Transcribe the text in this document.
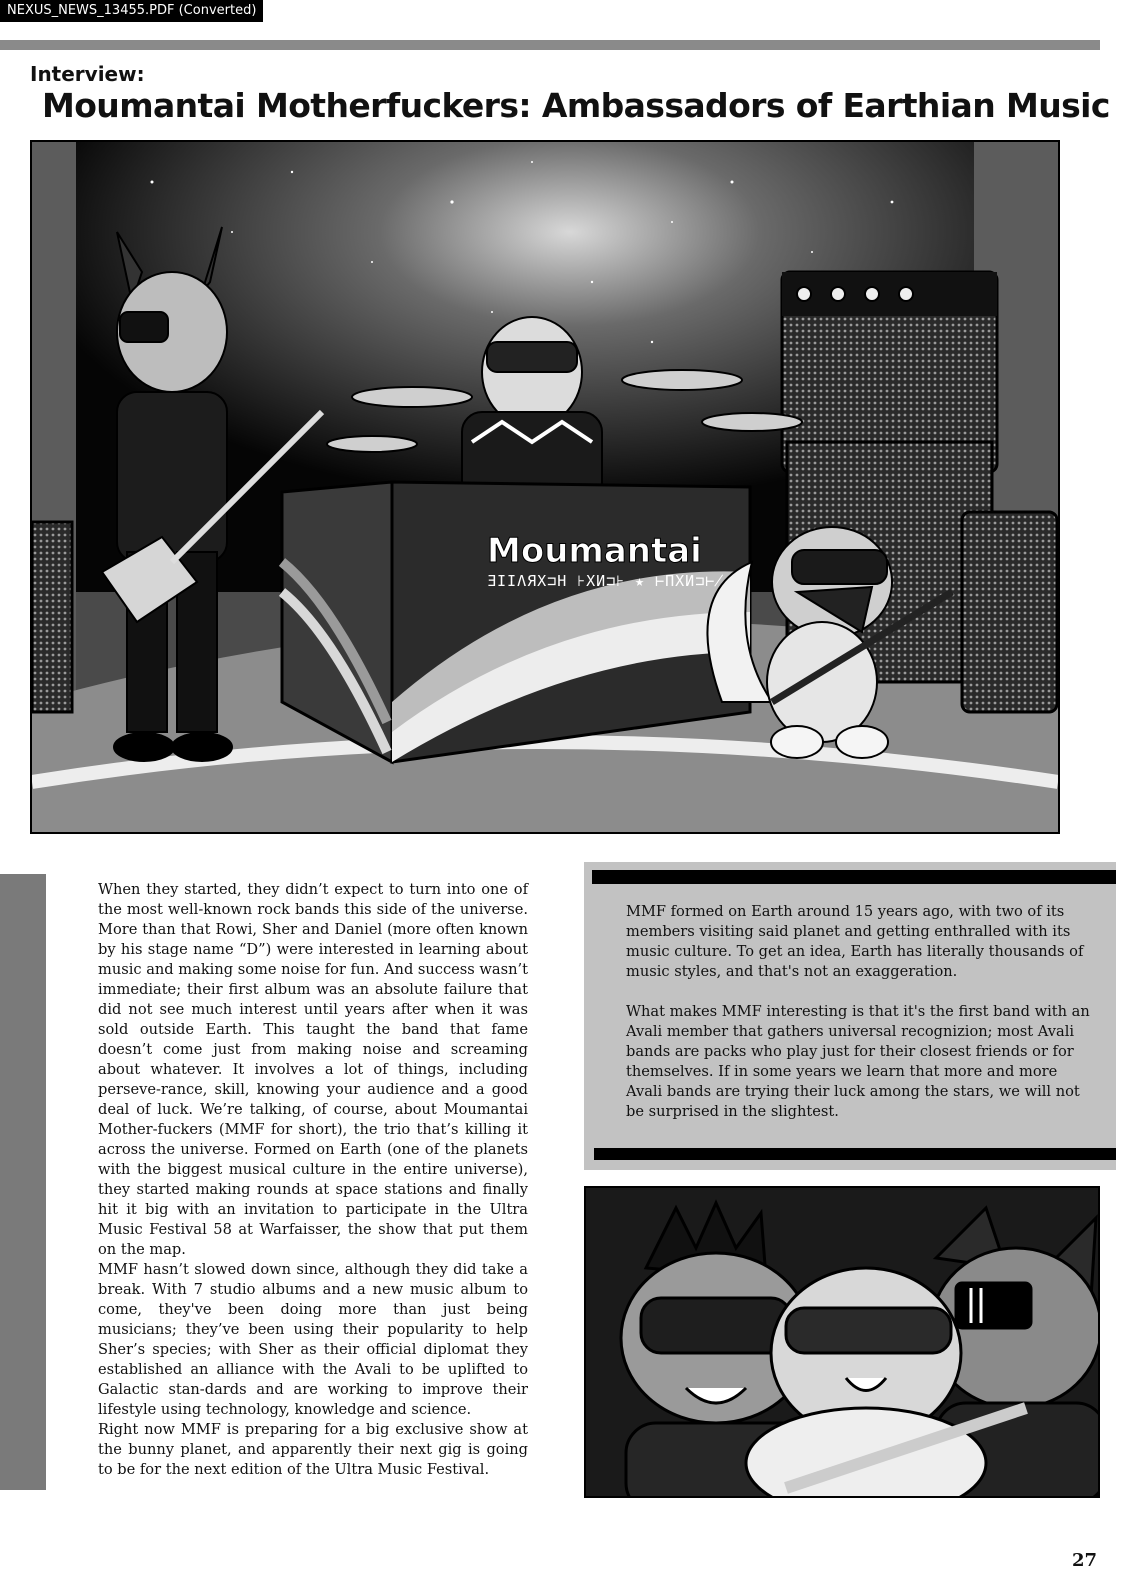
NEXUS_NEWS_13455.PDF (Converted)
Interview:
Moumantai Motherfuckers: Ambassadors of Earthian Music
Moumantai
ƎIIΛЯX⊐H ⊦XИ⊐⊦ ★ ⊢ΠXИ⊐⊬

When they started, they didn’t expect to turn into one of the most well-known rock bands this side of the universe. More than that Rowi, Sher and Daniel (more often known by his stage name “D”) were interested in learning about music and making some noise for fun. And success wasn’t immediate; their first album was an absolute failure that did not see much interest until years after when it was sold outside Earth. This taught the band that fame doesn’t come just from making noise and screaming about whatever. It involves a lot of things, including perseve-rance, skill, knowing your audience and a good deal of luck. We’re talking, of course, about Moumantai Mother-fuckers (MMF for short), the trio that’s killing it across the universe. Formed on Earth (one of the planets with the biggest musical culture in the entire universe), they started making rounds at space stations and finally hit it big with an invitation to participate in the Ultra Music Festival 58 at Warfaisser, the show that put them on the map.

MMF hasn’t slowed down since, although they did take a break. With 7 studio albums and a new music album to come, they've been doing more than just being musicians; they’ve been using their popularity to help Sher’s species; with Sher as their official diplomat they established an alliance with the Avali to be uplifted to Galactic stan-dards and are working to improve their lifestyle using technology, knowledge and science.

Right now MMF is preparing for a big exclusive show at the bunny planet, and apparently their next gig is going to be for the next edition of the Ultra Music Festival.

MMF formed on Earth around 15 years ago, with two of its members visiting said planet and getting enthralled with its music culture. To get an idea, Earth has literally thousands of music styles, and that's not an exaggeration.

What makes MMF interesting is that it's the first band with an Avali member that gathers universal recognizion; most Avali bands are packs who play just for their closest friends or for themselves. If in some years we learn that more and more Avali bands are trying their luck among the stars, we will not be surprised in the slightest.

27
